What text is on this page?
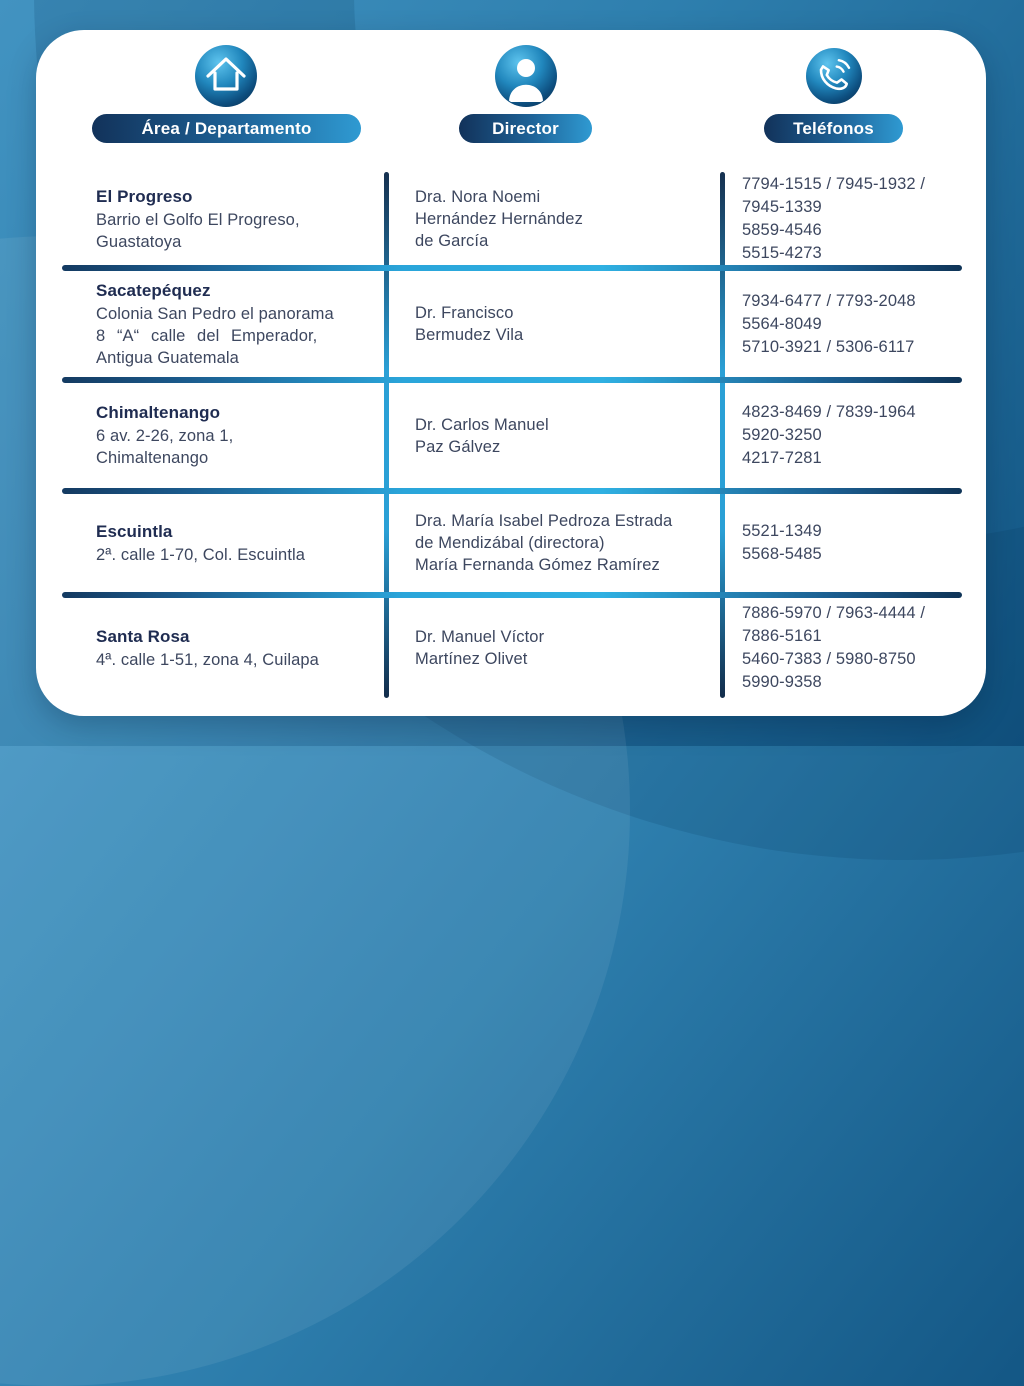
Área / Departamento	Director	Teléfonos
El Progreso
Barrio el Golfo El Progreso,
Guastatoya
Dra. Nora Noemi
Hernández Hernández
de García
7794-1515 / 7945-1932 /
7945-1339
5859-4546
5515-4273
Sacatepéquez
Colonia San Pedro el panorama
8 “A“ calle del Emperador,
Antigua Guatemala
Dr. Francisco
Bermudez Vila
7934-6477 / 7793-2048
5564-8049
5710-3921 / 5306-6117
Chimaltenango
6 av. 2-26, zona 1,
Chimaltenango
Dr. Carlos Manuel
Paz Gálvez
4823-8469 / 7839-1964
5920-3250
4217-7281
Escuintla
2ª. calle 1-70, Col. Escuintla
Dra. María Isabel Pedroza Estrada
de Mendizábal (directora)
María Fernanda Gómez Ramírez
5521-1349
5568-5485
Santa Rosa
4ª. calle 1-51, zona 4, Cuilapa
Dr. Manuel Víctor
Martínez Olivet
7886-5970 / 7963-4444 /
7886-5161
5460-7383 / 5980-8750
5990-9358
